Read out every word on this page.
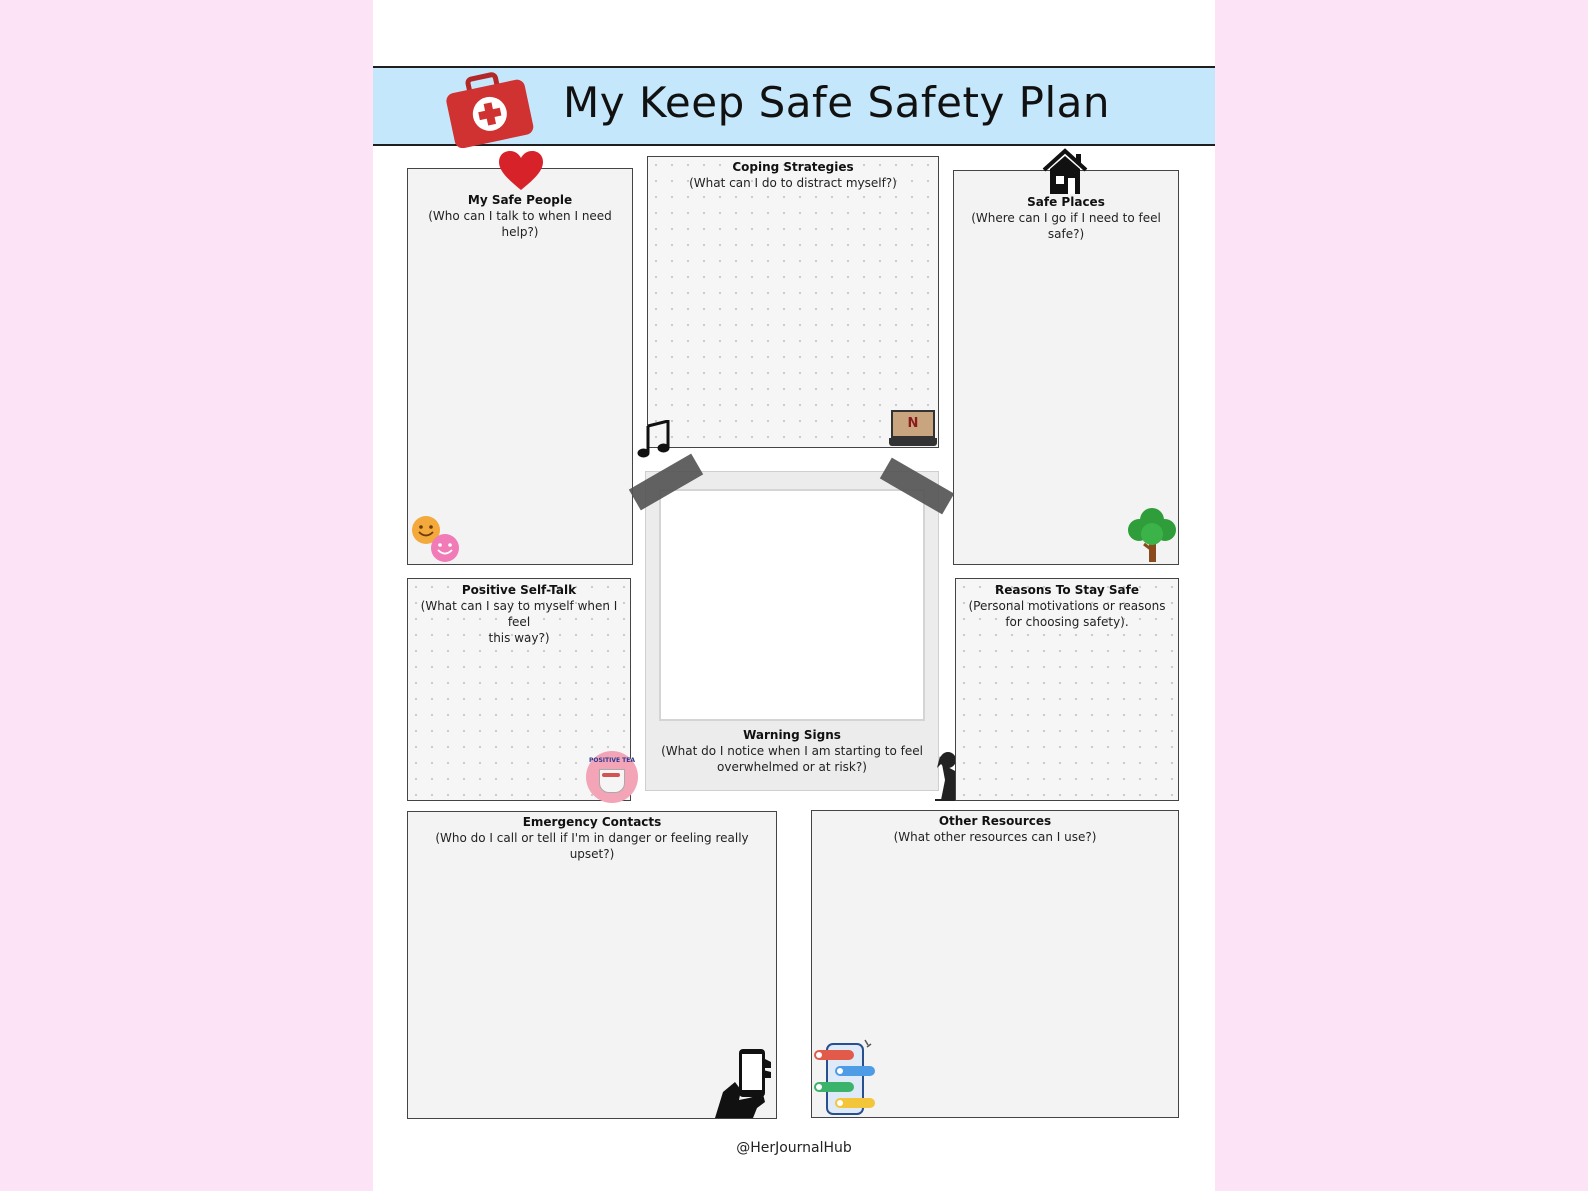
My Keep Safe Safety Plan
My Safe People
(Who can I talk to when I need help?)
Coping Strategies
(What can I do to distract myself?)
N
Safe Places
(Where can I go if I need to feel safe?)
Positive Self-Talk
(What can I say to myself when I feel
this way?)
POSITIVE TEA
Warning Signs
(What do I notice when I am starting to feel
overwhelmed or at risk?)
Reasons To Stay Safe
(Personal motivations or reasons
for choosing safety).
Emergency Contacts
(Who do I call or tell if I'm in danger or feeling really upset?)
Other Resources
(What other resources can I use?)
@HerJournalHub
